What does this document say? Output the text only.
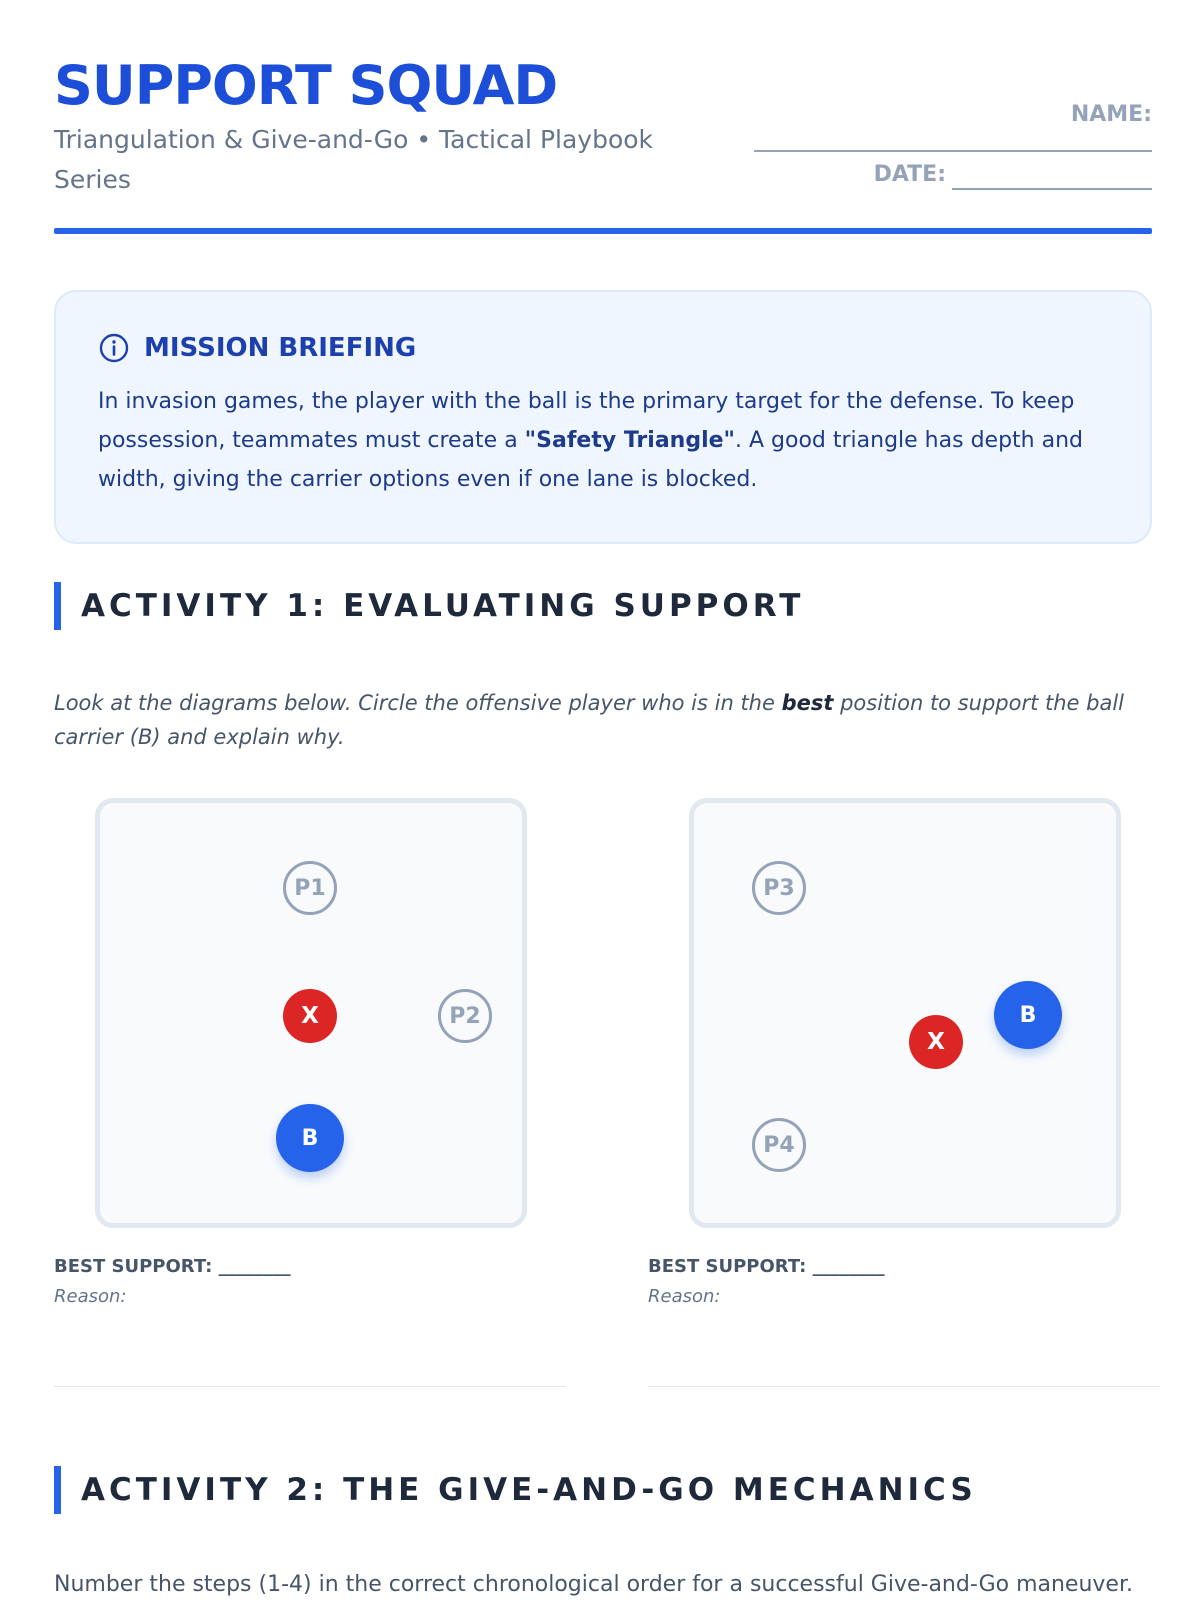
SUPPORT SQUAD
Triangulation & Give-and-Go • Tactical Playbook Series
NAME:
DATE:
MISSION BRIEFING

In invasion games, the player with the ball is the primary target for the defense. To keep possession, teammates must create a "Safety Triangle". A good triangle has depth and width, giving the carrier options even if one lane is blocked.

ACTIVITY 1: EVALUATING SUPPORT

Look at the diagrams below. Circle the offensive player who is in the best position to support the ball carrier (B) and explain why.

P1
X	P2
B
P3
B
X
P4
BEST SUPPORT: ________
Reason:
BEST SUPPORT: ________
Reason:
ACTIVITY 2: THE GIVE-AND-GO MECHANICS

Number the steps (1-4) in the correct chronological order for a successful Give-and-Go maneuver.
